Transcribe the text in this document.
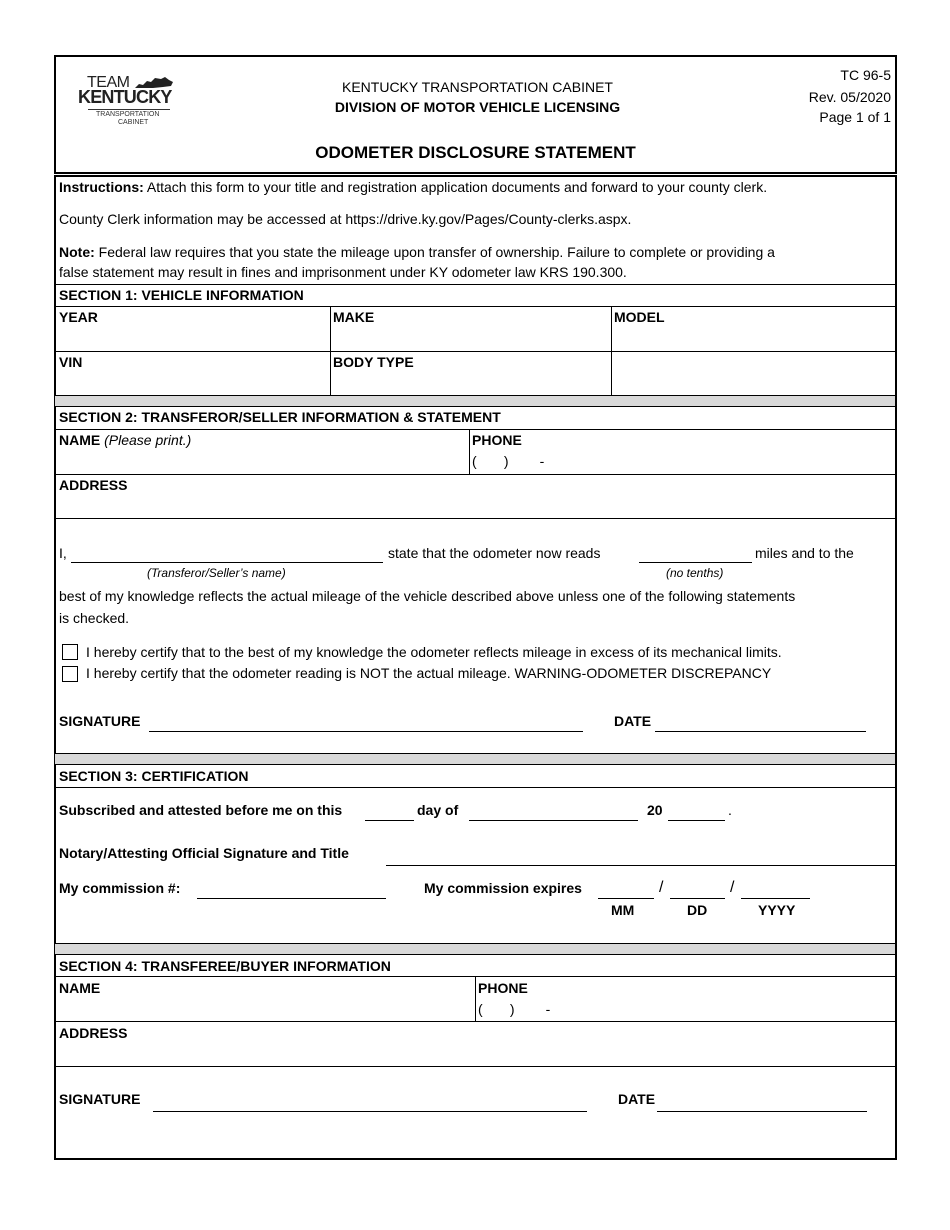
TEAM
KENTUCKY
TRANSPORTATION
CABINET
KENTUCKY TRANSPORTATION CABINET
DIVISION OF MOTOR VEHICLE LICENSING
TC 96-5
Rev. 05/2020
Page 1 of 1
ODOMETER DISCLOSURE STATEMENT
Instructions: Attach this form to your title and registration application documents and forward to your county clerk.
County Clerk information may be accessed at https://drive.ky.gov/Pages/County-clerks.aspx.
Note: Federal law requires that you state the mileage upon transfer of ownership. Failure to complete or providing a
false statement may result in fines and imprisonment under KY odometer law KRS 190.300.
SECTION 1: VEHICLE INFORMATION
YEAR	MAKE	MODEL
VIN	BODY TYPE
SECTION 2: TRANSFEROR/SELLER INFORMATION & STATEMENT
NAME (Please print.)	PHONE
(       )        -
ADDRESS
I,	state that the odometer now reads	miles and to the
(Transferor/Seller’s name)	(no tenths)
best of my knowledge reflects the actual mileage of the vehicle described above unless one of the following statements
is checked.
I hereby certify that to the best of my knowledge the odometer reflects mileage in excess of its mechanical limits.
I hereby certify that the odometer reading is NOT the actual mileage. WARNING-ODOMETER DISCREPANCY
SIGNATURE	DATE
SECTION 3: CERTIFICATION
Subscribed and attested before me on this	day of	20	.
Notary/Attesting Official Signature and Title
My commission #:	My commission expires	/	/
MM	DD	YYYY
SECTION 4: TRANSFEREE/BUYER INFORMATION
NAME	PHONE
(       )        -
ADDRESS
SIGNATURE	DATE
